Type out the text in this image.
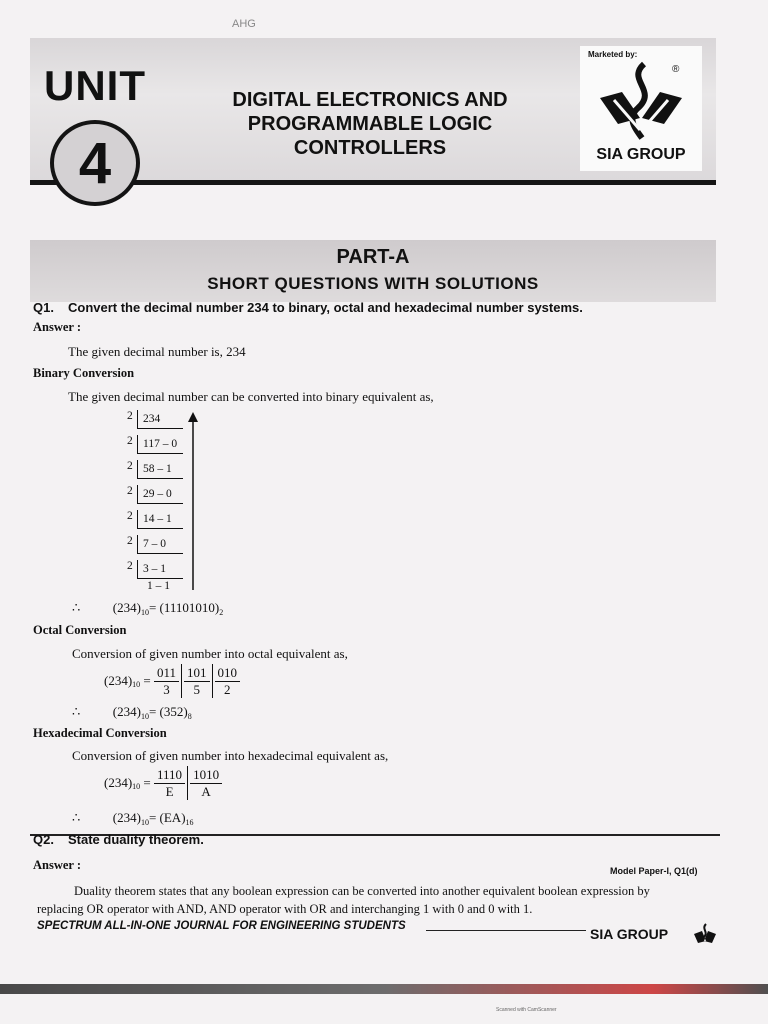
AHG
UNIT
4
DIGITAL ELECTRONICS AND
PROGRAMMABLE LOGIC
CONTROLLERS
Marketed by:
®
SIA GROUP
PART-A
SHORT QUESTIONS WITH SOLUTIONS
Q1. Convert the decimal number 234 to binary, octal and hexadecimal number systems.
Answer :
The given decimal number is, 234
Binary Conversion
The given decimal number can be converted into binary equivalent as,
2 234
2 117 – 0
2 58 – 1
2 29 – 0
2 14 – 1
2 7 – 0
2 3 – 1
1 – 1
∴	$(234)_{10}= (11101010)_2$
Octal Conversion
Conversion of given number into octal equivalent as,
$(234)_{10} = \frac{011}{3} \frac{101}{5} \frac{010}{2}$
∴	$(234)_{10}= (352)_8$
Hexadecimal Conversion
Conversion of given number into hexadecimal equivalent as,
$(234)_{10} = \frac{1110}{E} \frac{1010}{A}$
∴	$(234)_{10}= (EA)_{16}$
Q2. State duality theorem.
Answer :	Model Paper-I, Q1(d)
Duality theorem states that any boolean expression can be converted into another equivalent boolean expression by
replacing OR operator with AND, AND operator with OR and interchanging 1 with 0 and 0 with 1.
SPECTRUM ALL-IN-ONE JOURNAL FOR ENGINEERING STUDENTS	SIA GROUP
Scanned with CamScanner
